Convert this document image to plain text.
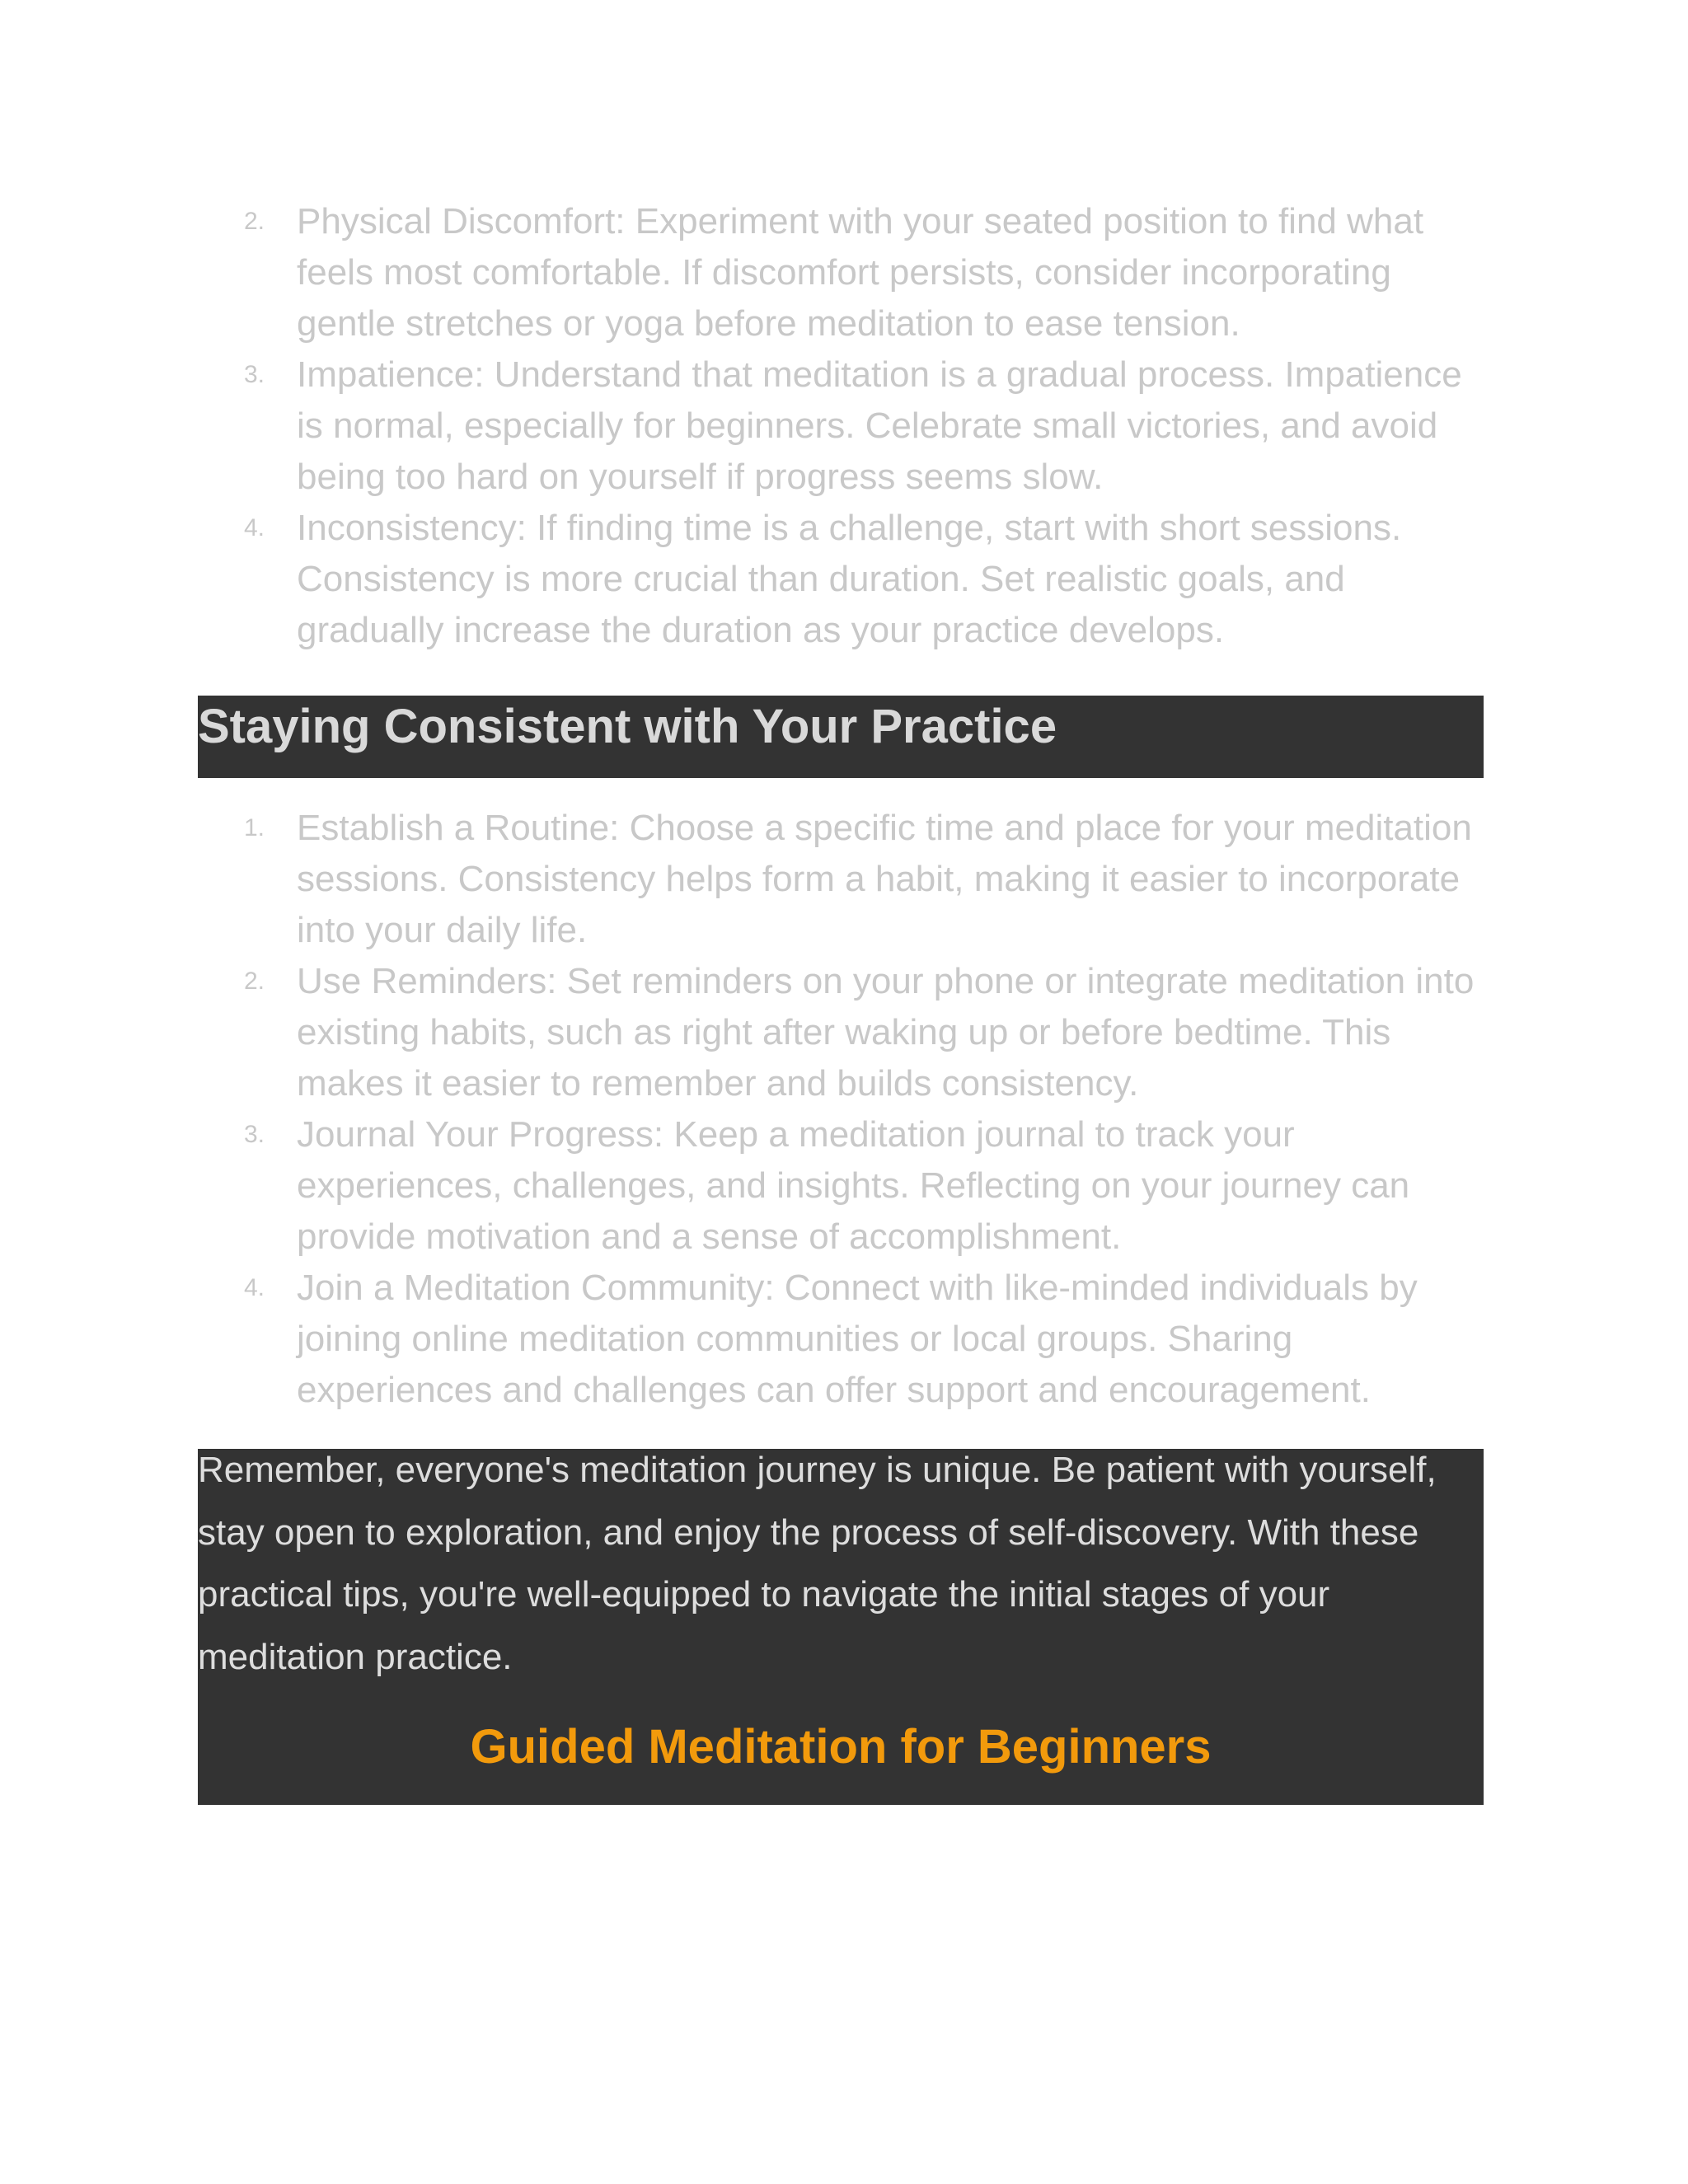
2. Physical Discomfort: Experiment with your seated position to find what feels most comfortable. If discomfort persists, consider incorporating gentle stretches or yoga before meditation to ease tension.
3. Impatience: Understand that meditation is a gradual process. Impatience is normal, especially for beginners. Celebrate small victories, and avoid being too hard on yourself if progress seems slow.
4. Inconsistency: If finding time is a challenge, start with short sessions. Consistency is more crucial than duration. Set realistic goals, and gradually increase the duration as your practice develops.
Staying Consistent with Your Practice
1. Establish a Routine: Choose a specific time and place for your meditation sessions. Consistency helps form a habit, making it easier to incorporate into your daily life.
2. Use Reminders: Set reminders on your phone or integrate meditation into existing habits, such as right after waking up or before bedtime. This makes it easier to remember and builds consistency.
3. Journal Your Progress: Keep a meditation journal to track your experiences, challenges, and insights. Reflecting on your journey can provide motivation and a sense of accomplishment.
4. Join a Meditation Community: Connect with like-minded individuals by joining online meditation communities or local groups. Sharing experiences and challenges can offer support and encouragement.

Remember, everyone's meditation journey is unique. Be patient with yourself, stay open to exploration, and enjoy the process of self-discovery. With these practical tips, you're well-equipped to navigate the initial stages of your meditation practice.

Guided Meditation for Beginners
